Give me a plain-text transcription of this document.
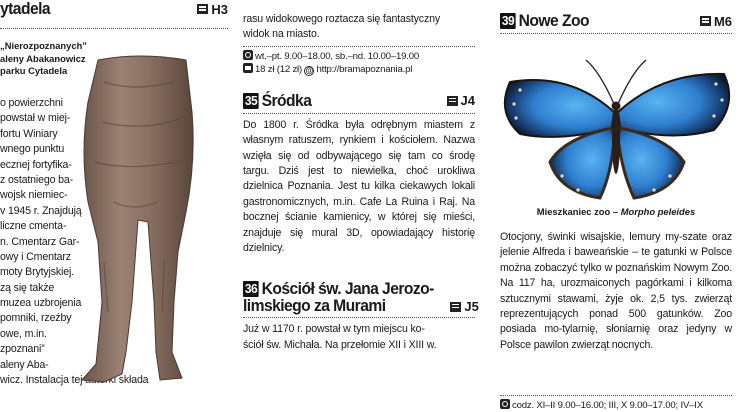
ytadela	H3
„Nierozpoznanych”
aleny Abakanowicz
parku Cytadela
o powierzchni
powstał w miej-
fortu Winiary
wnego punktu
ecznej fortyfika-
z ostatniego ba-
wojsk niemiec-
v 1945 r. Znajdują
liczne cmenta-
n. Cmentarz Gar-
owy i Cmentarz
moty Brytyjskiej.
zą się także
muzea uzbrojenia
pomniki, rzeźby
owe, m.in.
zpoznani”
aleny Aba-
wicz. Instalacja tej autorki składa
rasu widokowego roztacza się fantastyczny
widok na miasto.
wt.–pt. 9.00–18.00, sb.–nd. 10.00–19.00
18 zł (12 zł) @ http://bramapoznania.pl
35 Śródka	J4
Do 1800 r. Śródka była odrębnym miastem z własnym ratuszem, rynkiem i kościołem. Nazwa wzięła się od odbywającego się tam co środę targu. Dziś jest to niewielka, choć urokliwa dzielnica Poznania. Jest tu kilka ciekawych lokali gastronomicznych, m.in. Cafe La Ruina i Raj. Na bocznej ścianie kamienicy, w której się mieści, znajduje się mural 3D, opowiadający historię dzielnicy.
36 Kościół św. Jana Jerozo-
limskiego za Murami	J5
Już w 1170 r. powstał w tym miejscu ko-
ściół św. Michała. Na przełomie XII i XIII w.
39 Nowe Zoo	M6
Mieszkaniec zoo – Morpho peleides
Otocjony, świnki wisajskie, lemury my-szate oraz jelenie Alfreda i baweańskie – te gatunki w Polsce można zobaczyć tylko w poznańskim Nowym Zoo. Na 117 ha, urozmaiconych pagórkami i kilkoma sztucznymi stawami, żyje ok. 2,5 tys. zwierząt reprezentujących ponad 500 gatunków. Zoo posiada mo-tylarnię, słoniarnię oraz jedyny w Polsce pawilon zwierząt nocnych.
codz. XI–II 9.00–16.00; III, X 9.00–17.00; IV–IX
